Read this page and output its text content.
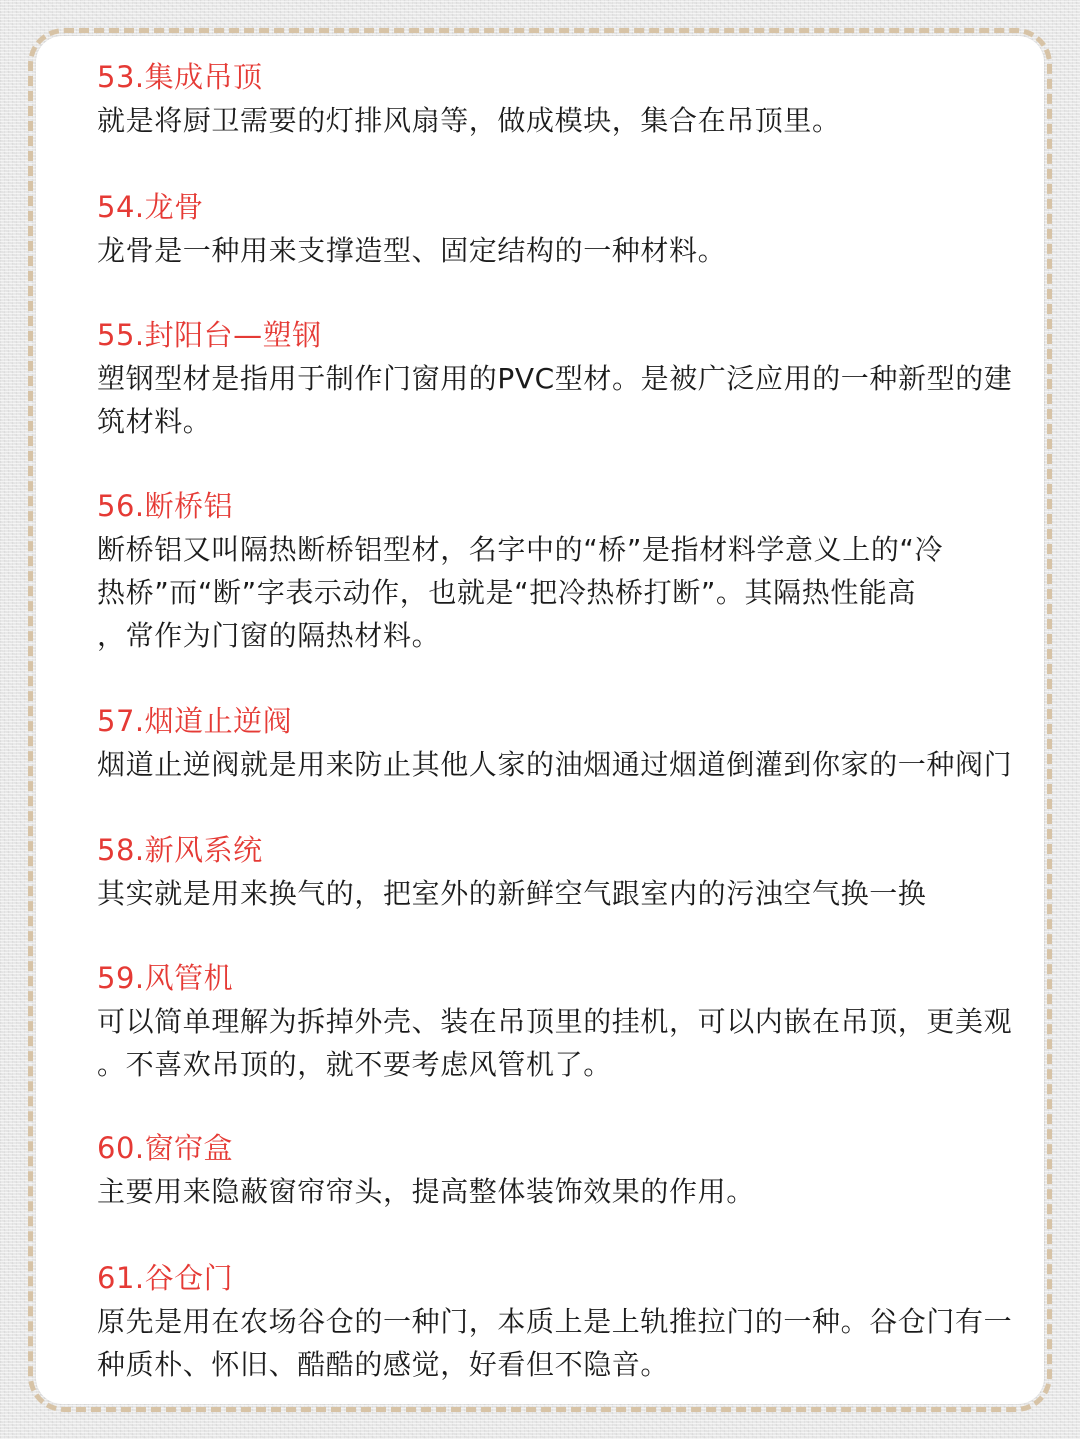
53.集成吊顶
就是将厨卫需要的灯排风扇等，做成模块，集合在吊顶里。
54.龙骨
龙骨是一种用来支撑造型、固定结构的一种材料。
55.封阳台—塑钢
塑钢型材是指用于制作门窗用的PVC型材。是被广泛应用的一种新型的建
筑材料。
56.断桥铝
断桥铝又叫隔热断桥铝型材，名字中的“桥”是指材料学意义上的“冷
热桥”而“断”字表示动作，也就是“把冷热桥打断”。其隔热性能高
，常作为门窗的隔热材料。
57.烟道止逆阀
烟道止逆阀就是用来防止其他人家的油烟通过烟道倒灌到你家的一种阀门
58.新风系统
其实就是用来换气的，把室外的新鲜空气跟室内的污浊空气换一换
59.风管机
可以简单理解为拆掉外壳、装在吊顶里的挂机，可以内嵌在吊顶，更美观
。不喜欢吊顶的，就不要考虑风管机了。
60.窗帘盒
主要用来隐蔽窗帘帘头，提高整体装饰效果的作用。
61.谷仓门
原先是用在农场谷仓的一种门，本质上是上轨推拉门的一种。谷仓门有一
种质朴、怀旧、酷酷的感觉，好看但不隐音。
